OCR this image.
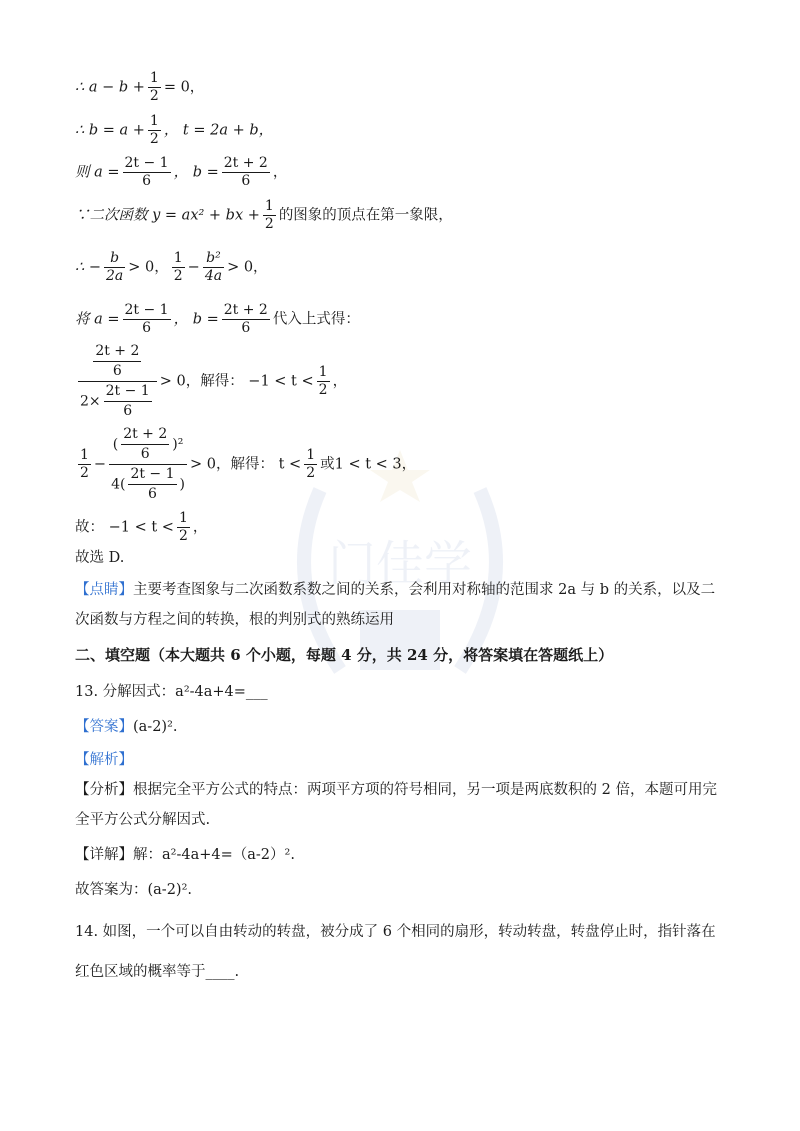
门佳学
∴ $a - b + \frac{1}{2} = 0$，
∴ $b = a + \frac{1}{2}$ ， t = 2a + b，
则 $a = \frac{2t - 1}{6}$ ， $b = \frac{2t + 2}{6}$ ，
∵二次函数 y = ax² + bx + $\frac{1}{2}$ 的图象的顶点在第一象限，
∴ − $\frac{b}{2a} > 0$， $\frac{1}{2} - \frac{\text{b²}}{4a} > 0$，
将 $a = \frac{2t - 1}{6}$ ， $b = \frac{2t + 2}{6}$ 代入上式得：
$\frac{\frac{2t + 2}{6}}{2\times \frac{2t - 1}{6}} > 0$，解得： $-1 < t < \frac{1}{2}$ ，
$\frac{1}{2} - \frac{( \frac{2t + 2}{6} )^2}{4( \frac{2t - 1}{6} )} > 0$，解得： $t < \frac{1}{2}$ 或1 < t < 3，
故： $-1 < t < \frac{1}{2}$ ，
故选 D.
【点睛】主要考查图象与二次函数系数之间的关系，会利用对称轴的范围求 2a 与 b 的关系，以及二次函数与方程之间的转换，根的判别式的熟练运用
二、填空题（本大题共 6 个小题，每题 4 分，共 24 分，将答案填在答题纸上）
13. 分解因式：a²-4a+4=___
【答案】(a-2)².
【解析】
【分析】根据完全平方公式的特点：两项平方项的符号相同，另一项是两底数积的 2 倍，本题可用完全平方公式分解因式.
【详解】解：a²-4a+4=（a-2）².
故答案为：(a-2)².
14. 如图，一个可以自由转动的转盘，被分成了 6 个相同的扇形，转动转盘，转盘停止时，指针落在红色区域的概率等于____.
